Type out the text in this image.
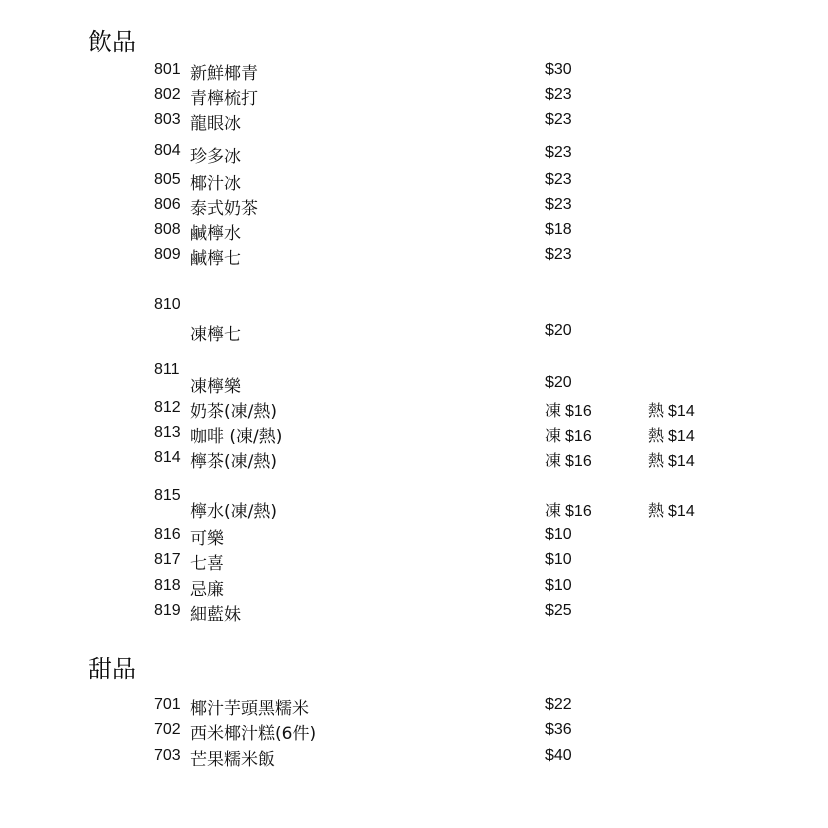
飲品
801 新鮮椰青	$30
802 青檸梳打	$23
803 龍眼冰	$23
804 珍多冰	$23
805 椰汁冰	$23
806 泰式奶茶	$23
808 鹹檸水	$18
809 鹹檸七	$23
810
凍檸七	$20
811
凍檸樂	$20
812 奶茶(凍/熱)	凍 $16	熱 $14
813 咖啡 (凍/熱)	凍 $16	熱 $14
814 檸茶(凍/熱)	凍 $16	熱 $14
815
檸水(凍/熱)	凍 $16	熱 $14
816 可樂	$10
817 七喜	$10
818 忌廉	$10
819 細藍妹	$25
甜品
701 椰汁芋頭黑糯米	$22
702 西米椰汁糕(6件)	$36
703 芒果糯米飯	$40
